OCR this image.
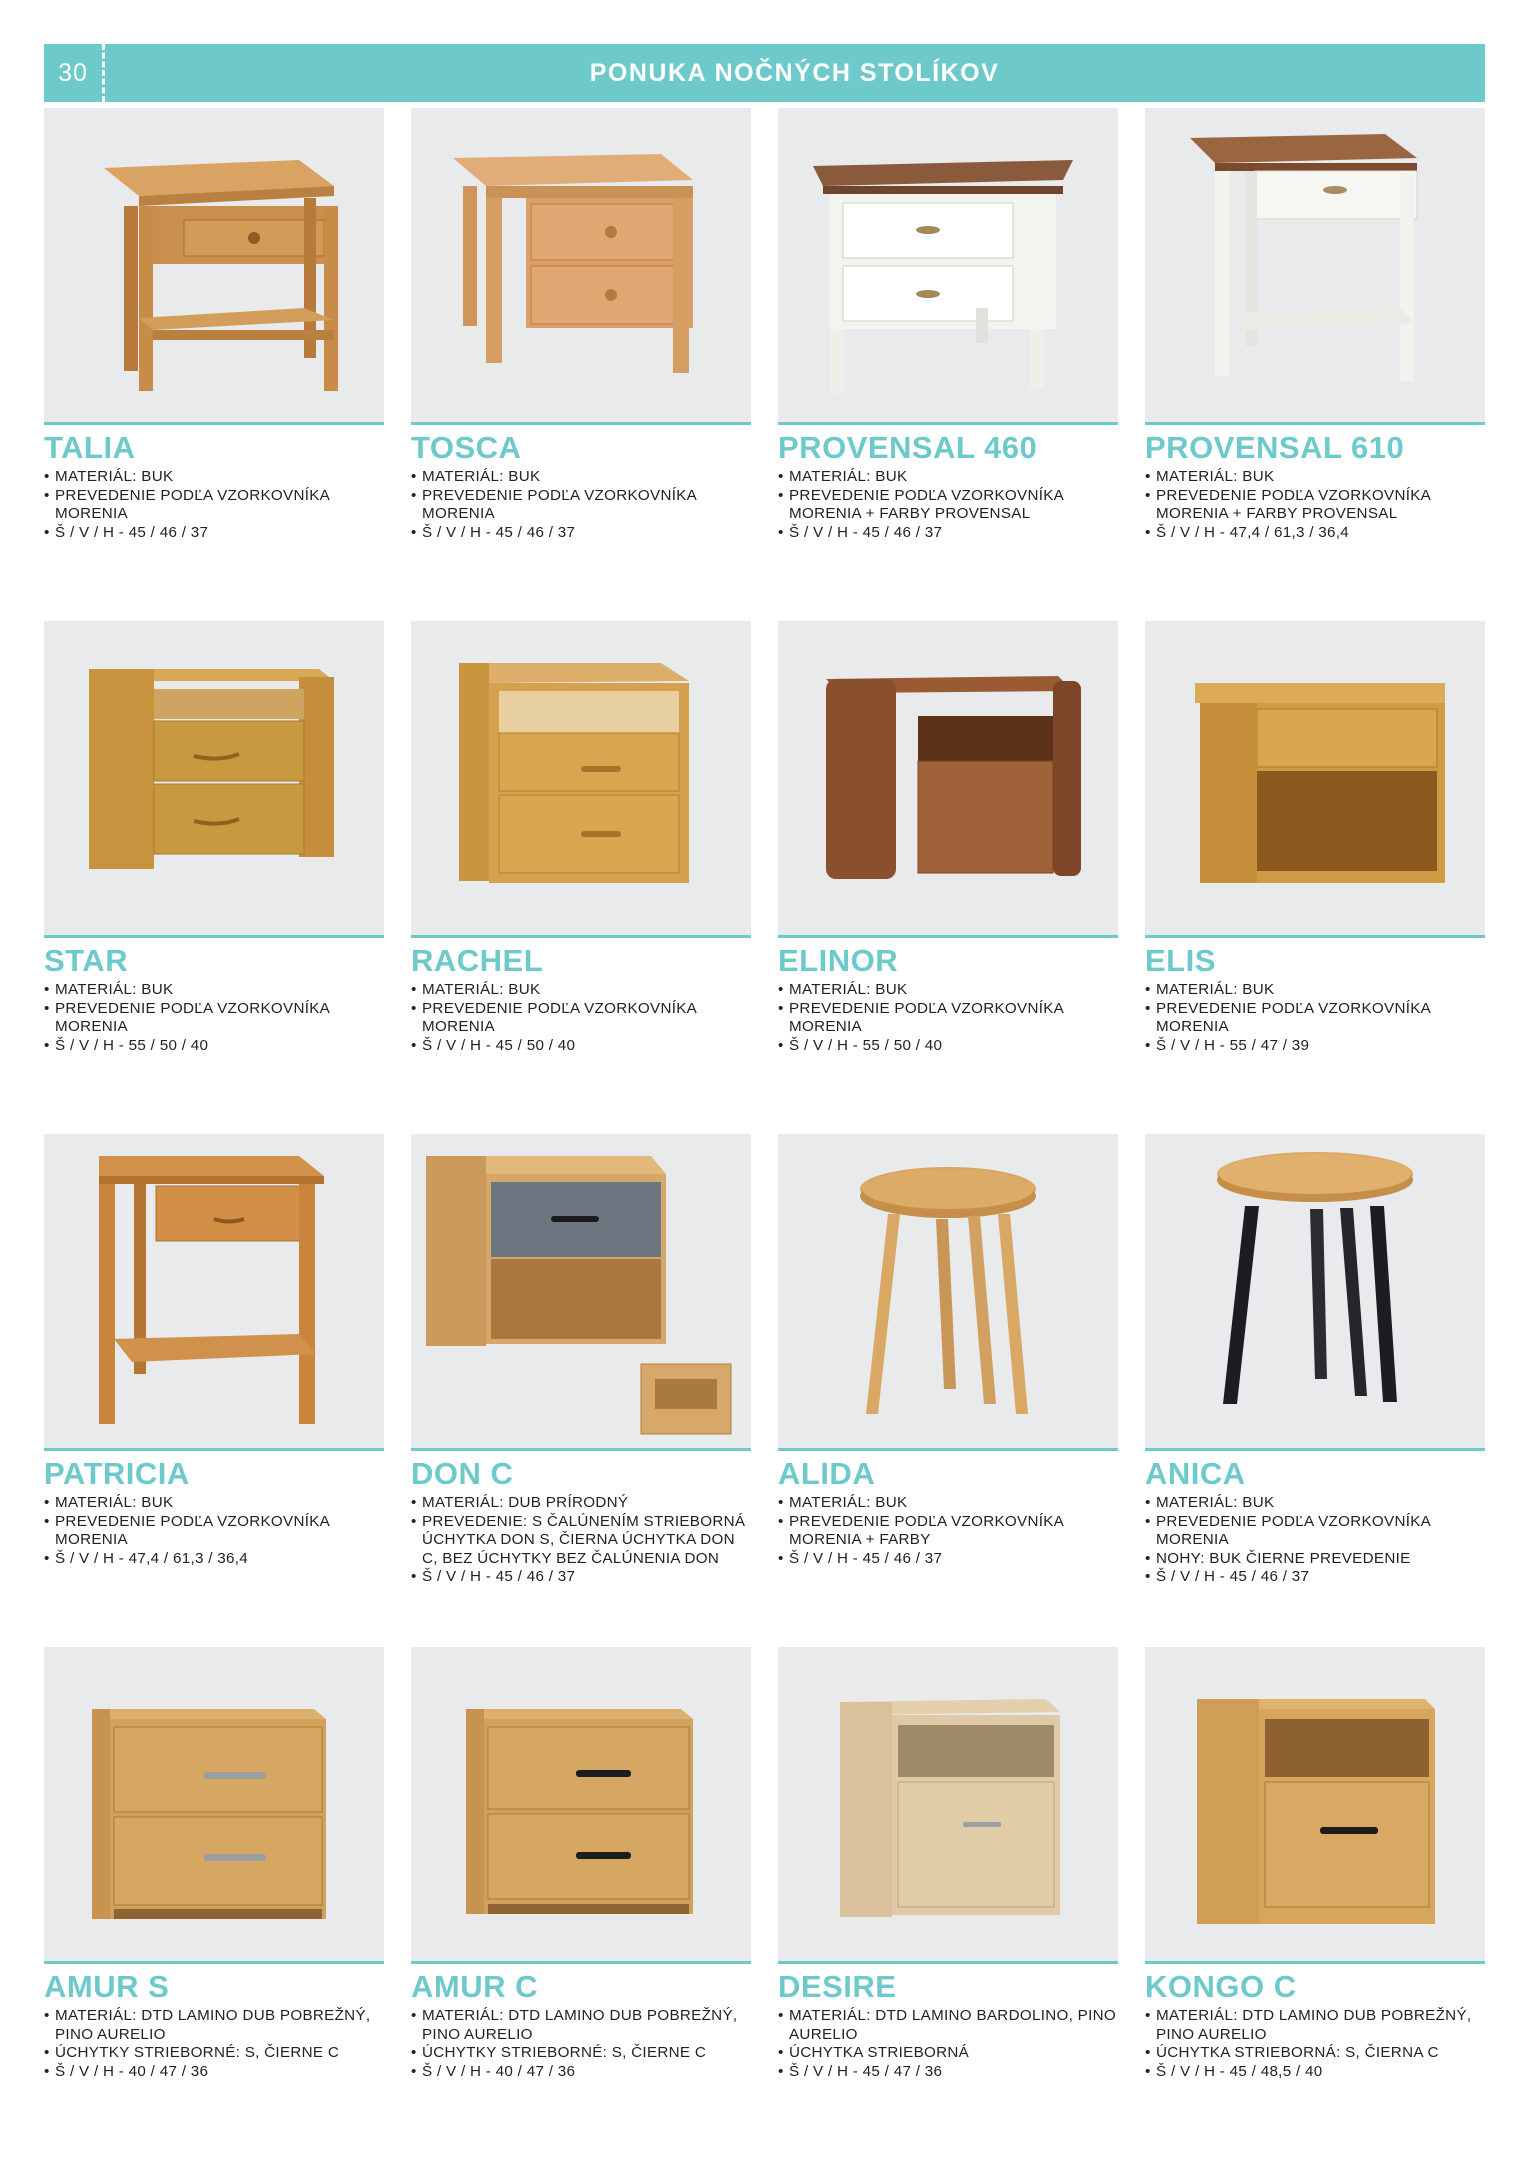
30	PONUKA NOČNÝCH STOLÍKOV
TALIA
• MATERIÁL: BUK
• PREVEDENIE PODĽA VZORKOVNÍKA MORENIA
• Š / V / H - 45 / 46 / 37
TOSCA
• MATERIÁL: BUK
• PREVEDENIE PODĽA VZORKOVNÍKA MORENIA
• Š / V / H - 45 / 46 / 37
PROVENSAL 460
• MATERIÁL: BUK
• PREVEDENIE PODĽA VZORKOVNÍKA MORENIA + FARBY PROVENSAL
• Š / V / H - 45 / 46 / 37
PROVENSAL 610
• MATERIÁL: BUK
• PREVEDENIE PODĽA VZORKOVNÍKA MORENIA + FARBY PROVENSAL
• Š / V / H - 47,4 / 61,3 / 36,4
STAR
• MATERIÁL: BUK
• PREVEDENIE PODĽA VZORKOVNÍKA MORENIA
• Š / V / H - 55 / 50 / 40
RACHEL
• MATERIÁL: BUK
• PREVEDENIE PODĽA VZORKOVNÍKA MORENIA
• Š / V / H - 45 / 50 / 40
ELINOR
• MATERIÁL: BUK
• PREVEDENIE PODĽA VZORKOVNÍKA MORENIA
• Š / V / H - 55 / 50 / 40
ELIS
• MATERIÁL: BUK
• PREVEDENIE PODĽA VZORKOVNÍKA MORENIA
• Š / V / H - 55 / 47 / 39
PATRICIA
• MATERIÁL: BUK
• PREVEDENIE PODĽA VZORKOVNÍKA MORENIA
• Š / V / H - 47,4 / 61,3 / 36,4
DON C
• MATERIÁL: DUB PRÍRODNÝ
• PREVEDENIE: S ČALÚNENÍM STRIEBORNÁ ÚCHYTKA DON S, ČIERNA ÚCHYTKA DON C, BEZ ÚCHYTKY BEZ ČALÚNENIA DON
• Š / V / H - 45 / 46 / 37
ALIDA
• MATERIÁL: BUK
• PREVEDENIE PODĽA VZORKOVNÍKA MORENIA + FARBY
• Š / V / H - 45 / 46 / 37
ANICA
• MATERIÁL: BUK
• PREVEDENIE PODĽA VZORKOVNÍKA MORENIA
• NOHY: BUK ČIERNE PREVEDENIE
• Š / V / H - 45 / 46 / 37
AMUR S
• MATERIÁL: DTD LAMINO DUB POBREŽNÝ, PINO AURELIO
• ÚCHYTKY STRIEBORNÉ: S, ČIERNE C
• Š / V / H - 40 / 47 / 36
AMUR C
• MATERIÁL: DTD LAMINO DUB POBREŽNÝ, PINO AURELIO
• ÚCHYTKY STRIEBORNÉ: S, ČIERNE C
• Š / V / H - 40 / 47 / 36
DESIRE
• MATERIÁL: DTD LAMINO BARDOLINO, PINO AURELIO
• ÚCHYTKA STRIEBORNÁ
• Š / V / H - 45 / 47 / 36
KONGO C
• MATERIÁL: DTD LAMINO DUB POBREŽNÝ, PINO AURELIO
• ÚCHYTKA STRIEBORNÁ: S, ČIERNA C
• Š / V / H - 45 / 48,5 / 40
